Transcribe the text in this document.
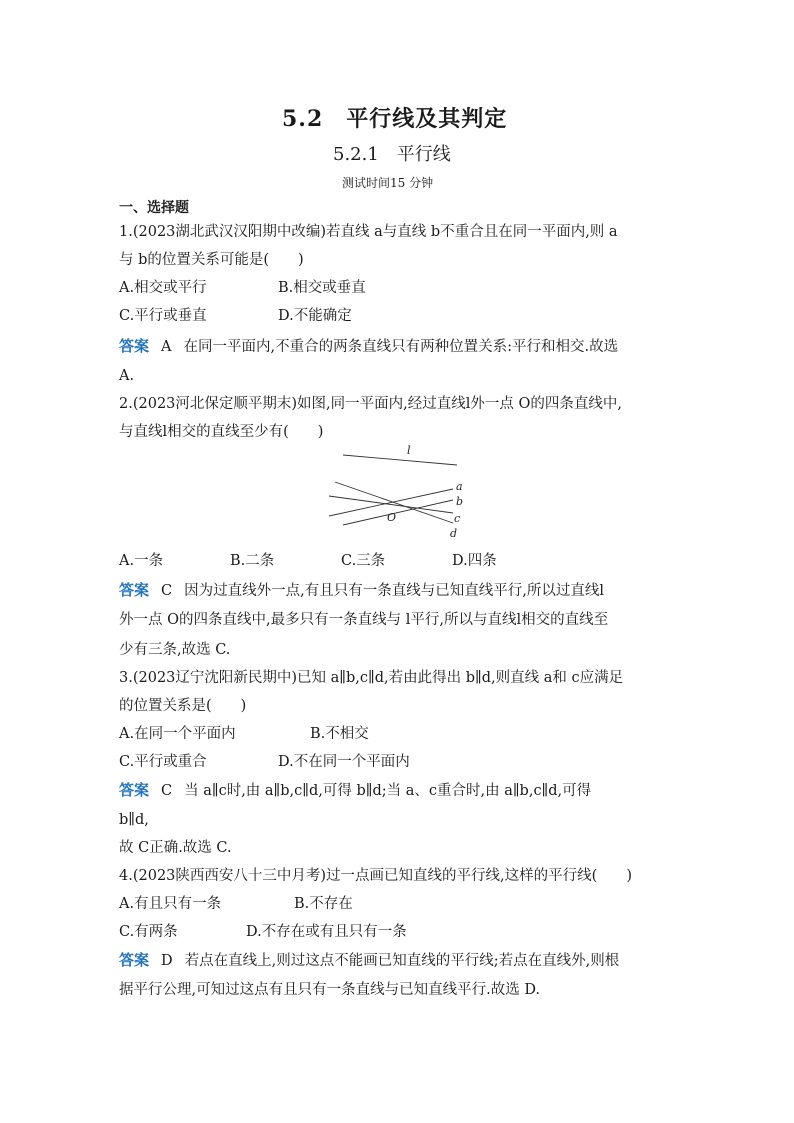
5.2　平行线及其判定
5.2.1　平行线
测试时间15 分钟
一、选择题
1.(2023湖北武汉汉阳期中改编)若直线 a与直线 b不重合且在同一平面内,则 a
与 b的位置关系可能是(　　)
A.相交或平行	B.相交或垂直
C.平行或垂直	D.不能确定
答案 A 在同一平面内,不重合的两条直线只有两种位置关系:平行和相交.故选
A.
2.(2023河北保定顺平期末)如图,同一平面内,经过直线l外一点 O的四条直线中,
与直线l相交的直线至少有(　　)
l
a
b
c
d
O
A.一条	B.二条	C.三条	D.四条
答案 C 因为过直线外一点,有且只有一条直线与已知直线平行,所以过直线l
外一点 O的四条直线中,最多只有一条直线与 l平行,所以与直线l相交的直线至
少有三条,故选 C.
3.(2023辽宁沈阳新民期中)已知 a∥b,c∥d,若由此得出 b∥d,则直线 a和 c应满足
的位置关系是(　　)
A.在同一个平面内	B.不相交
C.平行或重合	D.不在同一个平面内
答案 C 当 a∥c时,由 a∥b,c∥d,可得 b∥d;当 a、c重合时,由 a∥b,c∥d,可得
b∥d,
故 C正确.故选 C.
4.(2023陕西西安八十三中月考)过一点画已知直线的平行线,这样的平行线(　　)
A.有且只有一条	B.不存在
C.有两条	D.不存在或有且只有一条
答案 D 若点在直线上,则过这点不能画已知直线的平行线;若点在直线外,则根
据平行公理,可知过这点有且只有一条直线与已知直线平行.故选 D.
